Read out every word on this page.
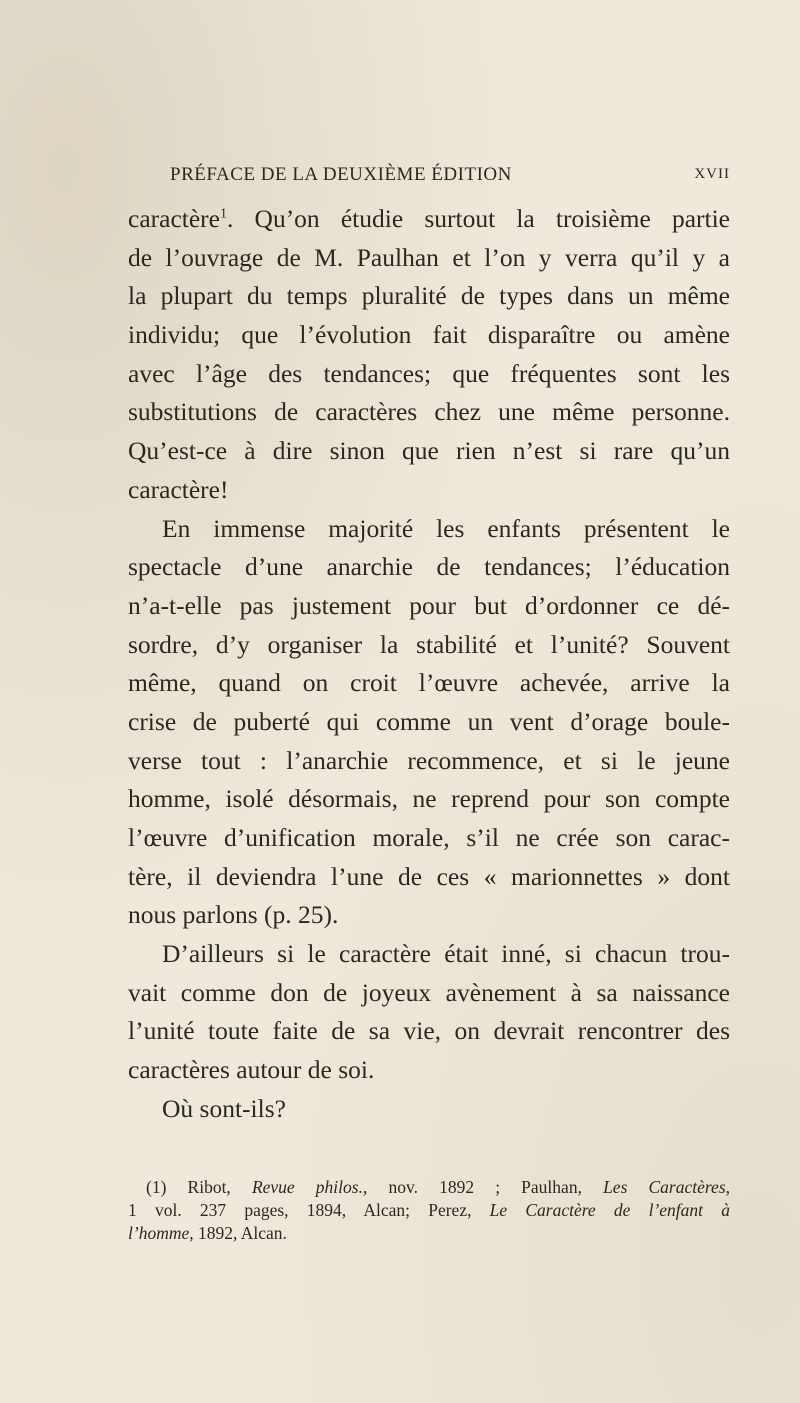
PRÉFACE DE LA DEUXIÈME ÉDITION	XVII
caractère$^1$. Qu’on étudie surtout la troisième partie
de l’ouvrage de M. Paulhan et l’on y verra qu’il y a
la plupart du temps pluralité de types dans un même
individu; que l’évolution fait disparaître ou amène
avec l’âge des tendances; que fréquentes sont les
substitutions de caractères chez une même personne.
Qu’est-ce à dire sinon que rien n’est si rare qu’un
caractère!
En immense majorité les enfants présentent le
spectacle d’une anarchie de tendances; l’éducation
n’a-t-elle pas justement pour but d’ordonner ce dé-
sordre, d’y organiser la stabilité et l’unité? Souvent
même, quand on croit l’œuvre achevée, arrive la
crise de puberté qui comme un vent d’orage boule-
verse tout : l’anarchie recommence, et si le jeune
homme, isolé désormais, ne reprend pour son compte
l’œuvre d’unification morale, s’il ne crée son carac-
tère, il deviendra l’une de ces « marionnettes » dont
nous parlons (p. 25).
D’ailleurs si le caractère était inné, si chacun trou-
vait comme don de joyeux avènement à sa naissance
l’unité toute faite de sa vie, on devrait rencontrer des
caractères autour de soi.
Où sont-ils?
(1) Ribot, Revue philos., nov. 1892 ; Paulhan, Les Caractères,
1 vol. 237 pages, 1894, Alcan; Perez, Le Caractère de l’enfant à
l’homme, 1892, Alcan.
